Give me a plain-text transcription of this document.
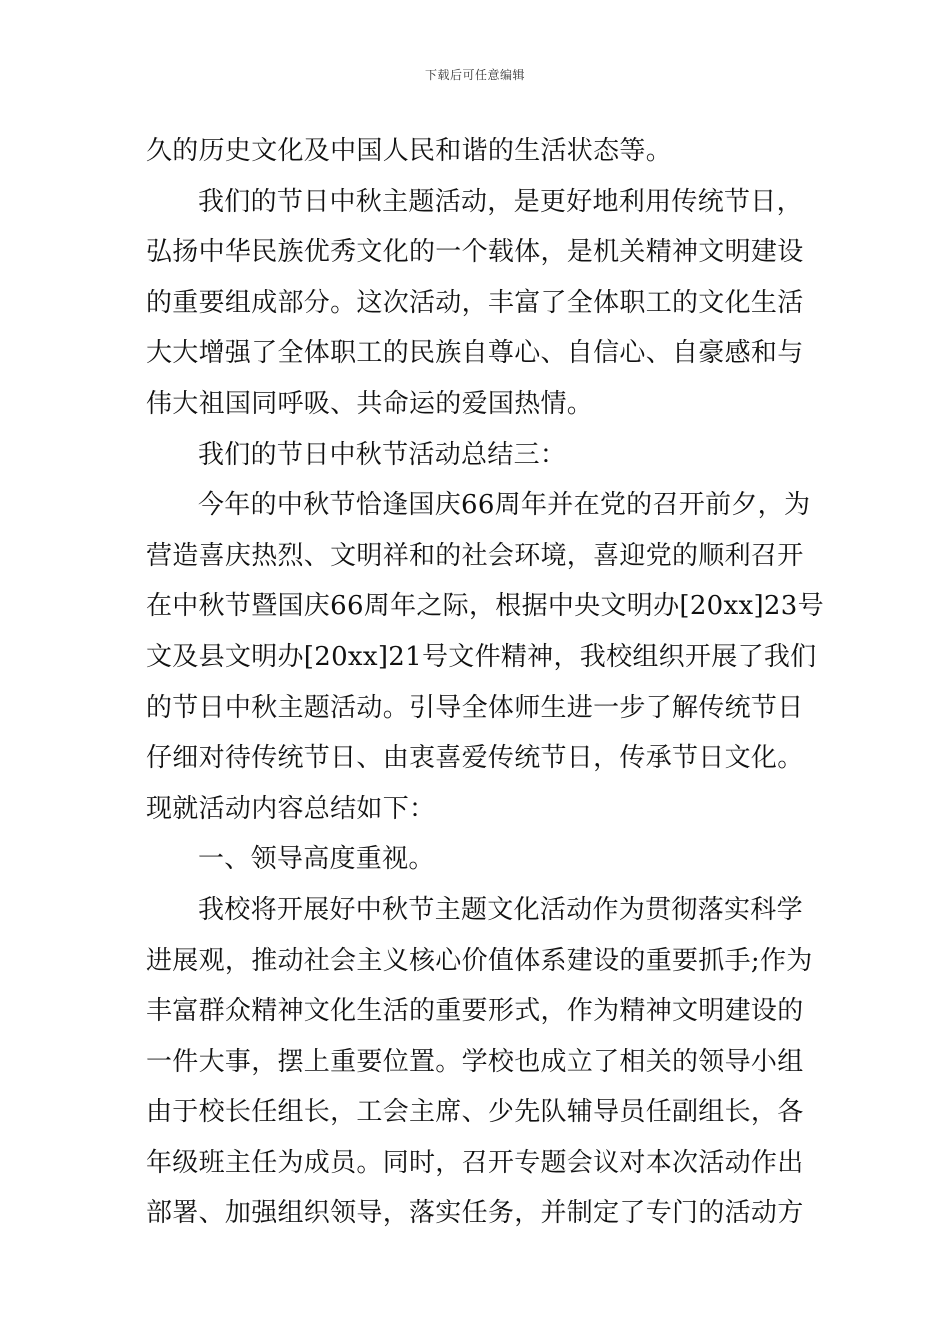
下载后可任意编辑
久的历史文化及中国人民和谐的生活状态等。
我们的节日中秋主题活动，是更好地利用传统节日，
弘扬中华民族优秀文化的一个载体，是机关精神文明建设
的重要组成部分。这次活动，丰富了全体职工的文化生活
大大增强了全体职工的民族自尊心、自信心、自豪感和与
伟大祖国同呼吸、共命运的爱国热情。
我们的节日中秋节活动总结三：
今年的中秋节恰逢国庆66周年并在党的召开前夕，为
营造喜庆热烈、文明祥和的社会环境，喜迎党的顺利召开
在中秋节暨国庆66周年之际，根据中央文明办[20xx]23号
文及县文明办[20xx]21号文件精神，我校组织开展了我们
的节日中秋主题活动。引导全体师生进一步了解传统节日
仔细对待传统节日、由衷喜爱传统节日，传承节日文化。
现就活动内容总结如下：
一、领导高度重视。
我校将开展好中秋节主题文化活动作为贯彻落实科学
进展观，推动社会主义核心价值体系建设的重要抓手;作为
丰富群众精神文化生活的重要形式，作为精神文明建设的
一件大事，摆上重要位置。学校也成立了相关的领导小组
由于校长任组长，工会主席、少先队辅导员任副组长，各
年级班主任为成员。同时，召开专题会议对本次活动作出
部署、加强组织领导，落实任务，并制定了专门的活动方
